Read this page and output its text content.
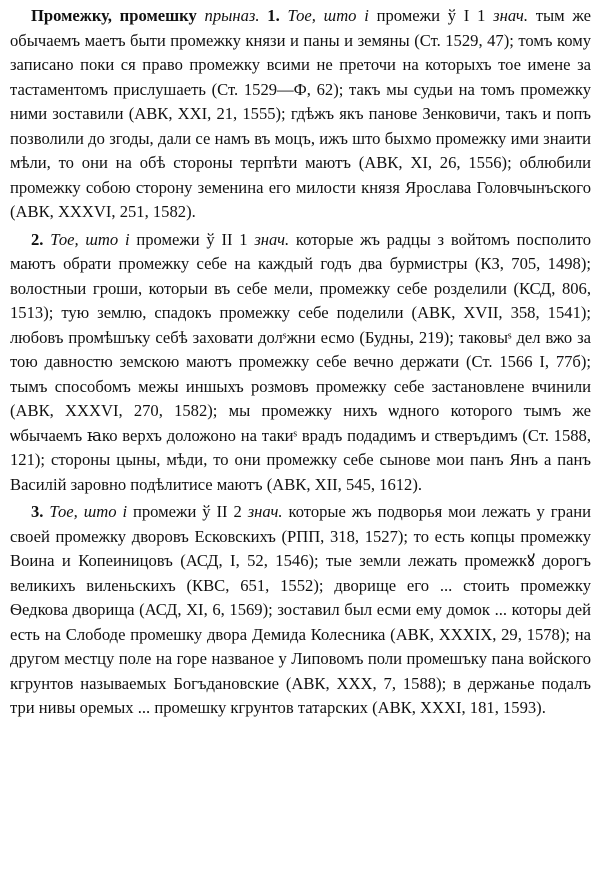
Промежку, промешку прыназ. 1. Тое, што і промежи ў І 1 знач. тым же обычаемъ маетъ быти промежку князи и паны и земяны (Ст. 1529, 47); томъ кому записано поки ся право промежку всими не преточи на которыхъ тое имене за тастаментомъ прислушаеть (Ст. 1529—Ф, 62); такъ мы судьи на томъ промежку ними зоставили (АВК, XXI, 21, 1555); гдѣжъ якъ панове Зенковичи, такъ и попъ позволили до згоды, дали се намъ въ моцъ, ижъ што быхмо промежку ими знаити мѣли, то они на обѣ стороны терпѣти маютъ (АВК, XI, 26, 1556); облюбили промежку собою сторону земенина его милости князя Ярослава Головчынъского (АВК, XXXVI, 251, 1582).

2. Тое, што і промежи ў II 1 знач. которые жъ радцы з войтомъ посполито маютъ обрати промежку себе на каждый годъ два бурмистры (КЗ, 705, 1498); волостныи гроши, которыи въ себе мели, промежку себе розделили (КСД, 806, 1513); тую землю, спадокъ промежку себе поделили (АВК, XVII, 358, 1541); любовъ промѣшъку себѣ заховати долˢжни есмо (Будны, 219); таковыˢ дел вжо за тою давностю земскою маютъ промежку себе вечно держати (Ст. 1566 I, 77б); тымъ способомъ межы иншыхъ розмовъ промежку себе застановлене вчинили (АВК, XXXVI, 270, 1582); мы промежку нихъ ѡдного которого тымъ же ѡбычаемъ ꙗко верхъ доложоно на такиˢ врадъ подадимъ и стверъдимъ (Ст. 1588, 121); стороны цыны, мѣди, то они промежку себе сынове мои панъ Янъ а панъ Василій заровно подѣлитисе маютъ (АВК, XII, 545, 1612).

3. Тое, што і промежи ў II 2 знач. которые жъ подворья мои лежать у грани своей промежку дворовъ Есковскихъ (РПП, 318, 1527); то есть копцы промежку Воина и Копеиницовъ (АСД, I, 52, 1546); тые земли лежать промежкꙋ дорогъ великихъ виленьскихъ (КВС, 651, 1552); дворище его ... стоить промежку Ѳедкова дворища (АСД, XI, 6, 1569); зоставил был есми ему домок ... которы дей есть на Слободе промешку двора Демида Колесника (АВК, XXXIX, 29, 1578); на другом местцу поле на горе названое у Липовомъ поли промешъку пана войского кгрунтов называемых Богъдановские (АВК, XXX, 7, 1588); в держанье подалъ три нивы оремых ... промешку кгрунтов татарских (АВК, XXXI, 181, 1593).
